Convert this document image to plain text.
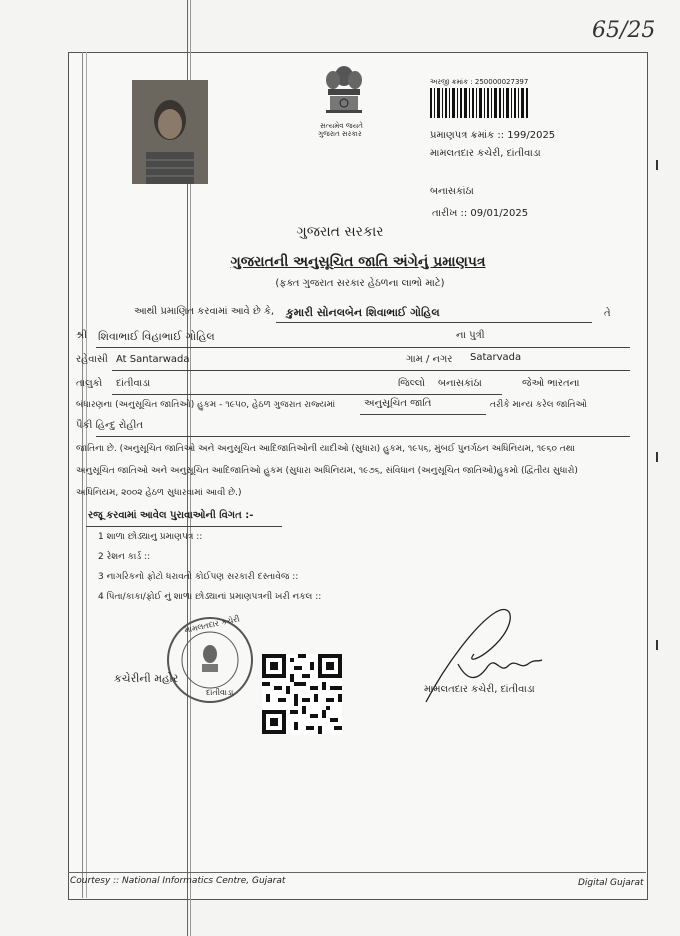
65/25
સત્યમેવ જયતે
ગુજરાત સરકાર
અરજી ક્રમાંક : 250000027397
પ્રમાણપત્ર ક્રમાંક :: 199/2025
મામલતદાર કચેરી, દાંતીવાડા
બનાસકાંઠા
તારીખ :: 09/01/2025
ગુજરાત સરકાર
ગુજરાતની અનુસૂચિત જાતિ અંગેનું પ્રમાણપત્ર
(ફક્ત ગુજરાત સરકાર હેઠળના લાભો માટે)
આથી પ્રમાણિત કરવામાં આવે છે કે, કુમારી સોનલબેન શિવાભાઈ ગોહિલ	તે
શ્રી શિવાભાઈ વિહાભાઈ ગોહિલ	ના પુત્રી
રહેવાસી At Santarwada	ગામ / નગર Satarvada
તાલુકો દાંતીવાડા	જિલ્લો બનાસકાંઠા	જેઓ ભારતના
બંધારણના (અનુસૂચિત જાતિઓ) હુકમ - ૧૯૫૦, હેઠળ ગુજરાત રાજ્યમાં	અનુસૂચિત જાતિ	તરીકે માન્ય કરેલ જાતિઓ
પૈકી હિન્દુ રોહીત
જાતિના છે. (અનુસૂચિત જાતિઓ અને અનુસૂચિત આદિજાતિઓની યાદીઓ (સુધારા) હુકમ, ૧૯૫૬, મુંબઈ પુનર્ગઠન અધિનિયમ, ૧૯૬૦ તથા
અનુસૂચિત જાતિઓ અને અનુસૂચિત આદિજાતિઓ હુકમ (સુધારા અધિનિયમ, ૧૯૭૬, સંવિધાન (અનુસૂચિત જાતિઓ)હુકમો (દ્વિતીય સુધારો)
અધિનિયમ, ૨૦૦૨ હેઠળ સુધારવામાં આવી છે.)
રજૂ કરવામાં આવેલ પુરાવાઓની વિગત :-
1 શાળા છોડ્યાનુ પ્રમાણપત્ર ::
2 રેશન કાર્ડ ::
3 નાગરિકનો ફોટો ધરાવતો કોઈપણ સરકારી દસ્તાવેજ ::
4 પિતા/કાકા/ફોઈ નું શાળા છોડ્યાનાં પ્રમાણપત્રની ખરી નકલ ::
મામલતદાર કચેરી
દાંતીવાડા
કચેરીની મહોર
મામલતદાર કચેરી, દાંતીવાડા
Courtesy :: National Informatics Centre, Gujarat	Digital Gujarat
